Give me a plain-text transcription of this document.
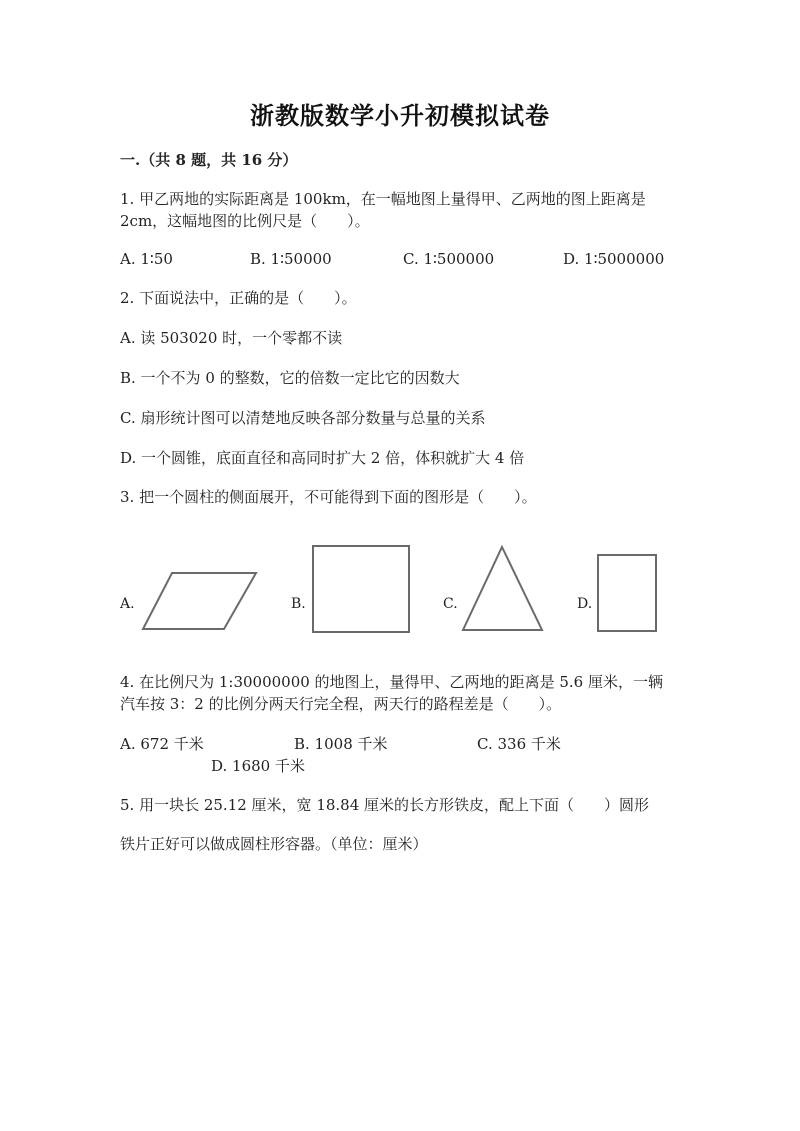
浙教版数学小升初模拟试卷
一.（共 8 题，共 16 分）
1. 甲乙两地的实际距离是 100km，在一幅地图上量得甲、乙两地的图上距离是
2cm，这幅地图的比例尺是（　　）。
A. 1∶50	B. 1∶50000	C. 1∶500000	D. 1∶5000000
2. 下面说法中，正确的是（　　）。
A. 读 503020 时，一个零都不读
B. 一个不为 0 的整数，它的倍数一定比它的因数大
C. 扇形统计图可以清楚地反映各部分数量与总量的关系
D. 一个圆锥，底面直径和高同时扩大 2 倍，体积就扩大 4 倍
3. 把一个圆柱的侧面展开，不可能得到下面的图形是（　　）。
A.	B.	C.	D.
4. 在比例尺为 1:30000000 的地图上，量得甲、乙两地的距离是 5.6 厘米，一辆
汽车按 3：2 的比例分两天行完全程，两天行的路程差是（　　）。
A. 672 千米	B. 1008 千米	C. 336 千米
D. 1680 千米
5. 用一块长 25.12 厘米，宽 18.84 厘米的长方形铁皮，配上下面（　　）圆形
铁片正好可以做成圆柱形容器。（单位：厘米）
